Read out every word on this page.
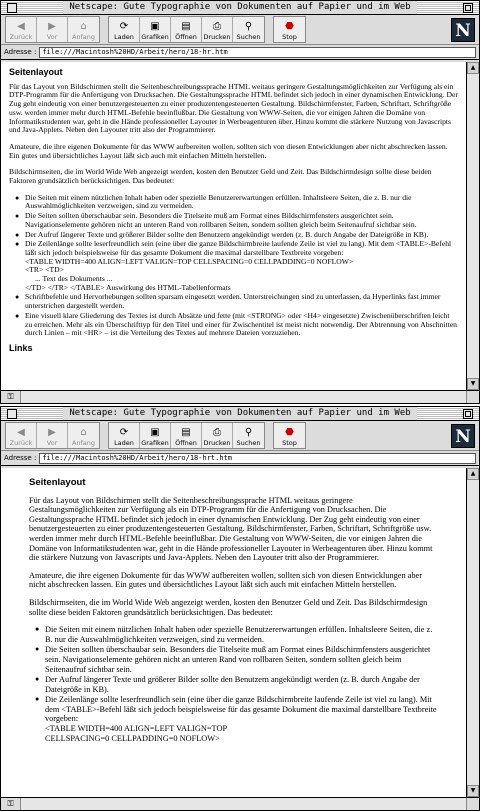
Netscape: Gute Typographie von Dokumenten auf Papier und im Web
◀
Zurück
▶
Vor
⌂
Anfang
⟳
Laden
▣
Grafiken
▤
Öffnen
⎙
Drucken
⚲
Suchen
⬣
Stop	N
Adresse : file:///Macintosh%20HD/Arbeit/hero/18-hr.htm
Seitenlayout

Für das Layout von Bildschirmen stellt die Seitenbeschreibungssprache HTML weitaus geringere Gestaltungsmöglichkeiten zur Verfügung als ein DTP-Programm für die Anfertigung von Drucksachen. Die Gestaltungssprache HTML befindet sich jedoch in einer dynamischen Entwicklung. Der Zug geht eindeutig von einer benutzergesteuerten zu einer produzentengesteuerten Gestaltung. Bildschirmfenster, Farben, Schriftart, Schriftgröße usw. werden immer mehr durch HTML-Befehle beeinflußbar. Die Gestaltung von WWW-Seiten, die vor einigen Jahren die Domäne von Informatikstudenten war, geht in die Hände professioneller Layouter in Werbeagenturen über. Hinzu kommt die stärkere Nutzung von Javascripts und Java-Applets. Neben den Layouter tritt also der Programmierer.

Amateure, die ihre eigenen Dokumente für das WWW aufbereiten wollen, sollten sich von diesen Entwicklungen aber nicht abschrecken lassen. Ein gutes und übersichtliches Layout läßt sich auch mit einfachen Mitteln herstellen.

Bildschirmseiten, die im World Wide Web angezeigt werden, kosten den Benutzer Geld und Zeit. Das Bildschirmdesign sollte diese beiden Faktoren grundsätzlich berücksichtigen. Das bedeutet:

● Die Seiten mit einem nützlichen Inhalt haben oder spezielle Benutzererwartungen erfüllen. Inhaltsleere Seiten, die z. B. nur die Auswahlmöglichkeiten verzweigen, sind zu vermeiden.
● Die Seiten sollten überschaubar sein. Besonders die Titelseite muß am Format eines Bildschirmfensters ausgerichtet sein. Navigationselemente gehören nicht an unteren Rand von rollbaren Seiten, sondern sollten gleich beim Seitenaufruf sichtbar sein.
● Der Aufruf längerer Texte und größerer Bilder sollte den Benutzern angekündigt werden (z. B. durch Angabe der Dateigröße in KB).
● Die Zeilenlänge sollte leserfreundlich sein (eine über die ganze Bildschirmbreite laufende Zeile ist viel zu lang). Mit dem <TABLE>-Befehl läßt sich jedoch beispielsweise für das gesamte Dokument die maximal darstellbare Textbreite vorgeben:
<TABLE WIDTH=400 ALIGN=LEFT VALIGN=TOP CELLSPACING=0 CELLPADDING=0 NOFLOW>
<TR> <TD>
... Text des Dokuments ...
</TD> </TR> </TABLE> Auswirkung des HTML-Tabellenformats
● Schriftbefehle und Hervorhebungen sollten sparsam eingesetzt werden. Unterstreichungen sind zu unterlassen, da Hyperlinks fast immer unterstrichen dargestellt werden.
● Eine visuell klare Gliederung des Textes ist durch Absätze und fette (mit <STRONG> oder <H4> eingesetzte) Zwischenüberschriften leicht zu erreichen. Mehr als ein Überschrifttyp für den Titel und einer für Zwischentitel ist meist nicht notwendig. Der Abtrennung von Abschnitten durch Linien – mit <HR> – ist die Verteilung des Textes auf mehrere Dateien vorzuziehen.
Links
▲
▼
⚿
Netscape: Gute Typographie von Dokumenten auf Papier und im Web
◀
Zurück
▶
Vor
⌂
Anfang
⟳
Laden
▣
Grafiken
▤
Öffnen
⎙
Drucken
⚲
Suchen
⬣
Stop	N
Adresse : file:///Macintosh%20HD/Arbeit/hero/18-hrt.htm
Seitenlayout

Für das Layout von Bildschirmen stellt die Seitenbeschreibungssprache HTML weitaus geringere Gestaltungsmöglichkeiten zur Verfügung als ein DTP-Programm für die Anfertigung von Drucksachen. Die Gestaltungssprache HTML befindet sich jedoch in einer dynamischen Entwicklung. Der Zug geht eindeutig von einer benutzergesteuerten zu einer produzentengesteuerten Gestaltung. Bildschirmfenster, Farben, Schriftart, Schriftgröße usw. werden immer mehr durch HTML-Befehle beeinflußbar. Die Gestaltung von WWW-Seiten, die vor einigen Jahren die Domäne von Informatikstudenten war, geht in die Hände professioneller Layouter in Werbeagenturen über. Hinzu kommt die stärkere Nutzung von Javascripts und Java-Applets. Neben den Layouter tritt also der Programmierer.

Amateure, die ihre eigenen Dokumente für das WWW aufbereiten wollen, sollten sich von diesen Entwicklungen aber nicht abschrecken lassen. Ein gutes und übersichtliches Layout läßt sich auch mit einfachen Mitteln herstellen.

Bildschirmseiten, die im World Wide Web angezeigt werden, kosten den Benutzer Geld und Zeit. Das Bildschirmdesign sollte diese beiden Faktoren grundsätzlich berücksichtigen. Das bedeutet:

● Die Seiten mit einem nützlichen Inhalt haben oder spezielle Benutzererwartungen erfüllen. Inhaltsleere Seiten, die z. B. nur die Auswahlmöglichkeiten verzweigen, sind zu vermeiden.
● Die Seiten sollten überschaubar sein. Besonders die Titelseite muß am Format eines Bildschirmfensters ausgerichtet sein. Navigationselemente gehören nicht an unteren Rand von rollbaren Seiten, sondern sollten gleich beim Seitenaufruf sichtbar sein.
● Der Aufruf längerer Texte und größerer Bilder sollte den Benutzern angekündigt werden (z. B. durch Angabe der Dateigröße in KB).
● Die Zeilenlänge sollte leserfreundlich sein (eine über die ganze Bildschirmbreite laufende Zeile ist viel zu lang). Mit dem <TABLE>-Befehl läßt sich jedoch beispielsweise für das gesamte Dokument die maximal darstellbare Textbreite vorgeben:
<TABLE WIDTH=400 ALIGN=LEFT VALIGN=TOP
CELLSPACING=0 CELLPADDING=0 NOFLOW>
▲
▼
⚿
